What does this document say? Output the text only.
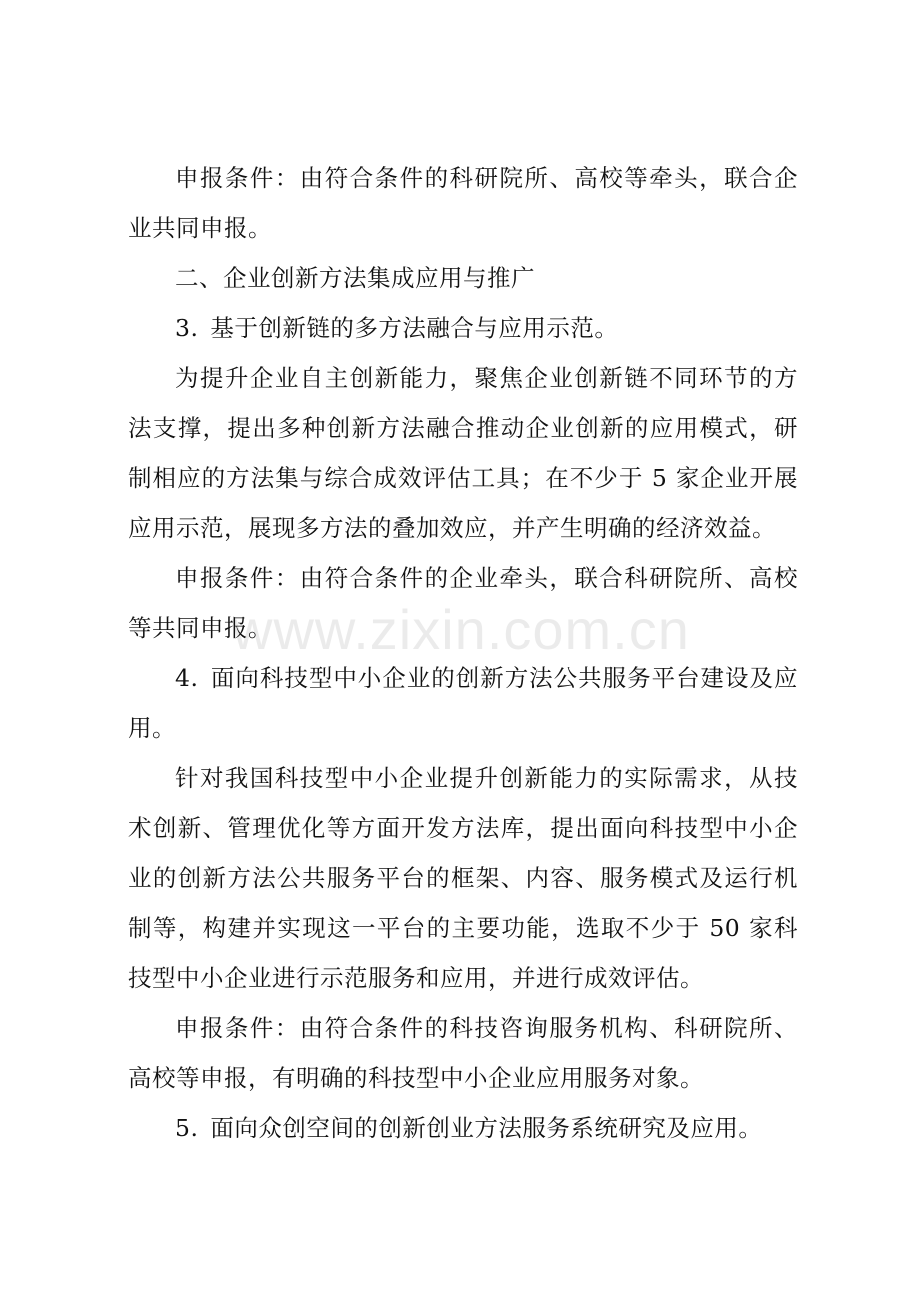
申报条件：由符合条件的科研院所、高校等牵头，联合企业共同申报。

二、企业创新方法集成应用与推广

3. 基于创新链的多方法融合与应用示范。

为提升企业自主创新能力，聚焦企业创新链不同环节的方法支撑，提出多种创新方法融合推动企业创新的应用模式，研制相应的方法集与综合成效评估工具；在不少于 5 家企业开展应用示范，展现多方法的叠加效应，并产生明确的经济效益。

申报条件：由符合条件的企业牵头，联合科研院所、高校等共同申报。

4. 面向科技型中小企业的创新方法公共服务平台建设及应用。

针对我国科技型中小企业提升创新能力的实际需求，从技术创新、管理优化等方面开发方法库，提出面向科技型中小企业的创新方法公共服务平台的框架、内容、服务模式及运行机制等，构建并实现这一平台的主要功能，选取不少于 50 家科技型中小企业进行示范服务和应用，并进行成效评估。

申报条件：由符合条件的科技咨询服务机构、科研院所、高校等申报，有明确的科技型中小企业应用服务对象。

5. 面向众创空间的创新创业方法服务系统研究及应用。

www.zixin.com.cn
